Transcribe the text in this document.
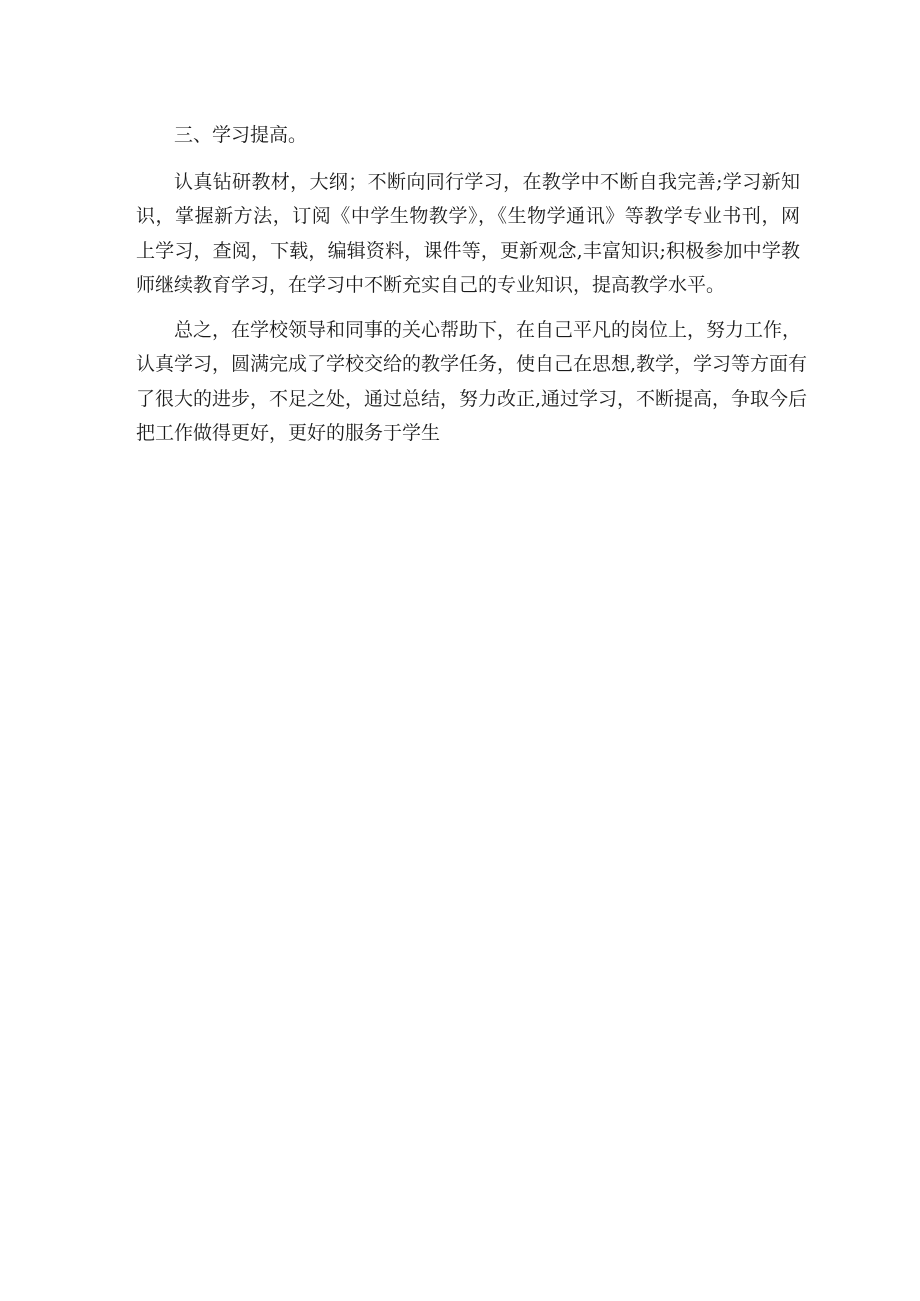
三、学习提高。
认真钻研教材，大纲；不断向同行学习，在教学中不断自我完善;学习新知
识，掌握新方法，订阅《中学生物教学》，《生物学通讯》等教学专业书刊，网
上学习，查阅，下载，编辑资料，课件等，更新观念,丰富知识;积极参加中学教
师继续教育学习，在学习中不断充实自己的专业知识，提高教学水平。
总之，在学校领导和同事的关心帮助下，在自己平凡的岗位上，努力工作，
认真学习，圆满完成了学校交给的教学任务，使自己在思想,教学，学习等方面有
了很大的进步，不足之处，通过总结，努力改正,通过学习，不断提高，争取今后
把工作做得更好，更好的服务于学生
